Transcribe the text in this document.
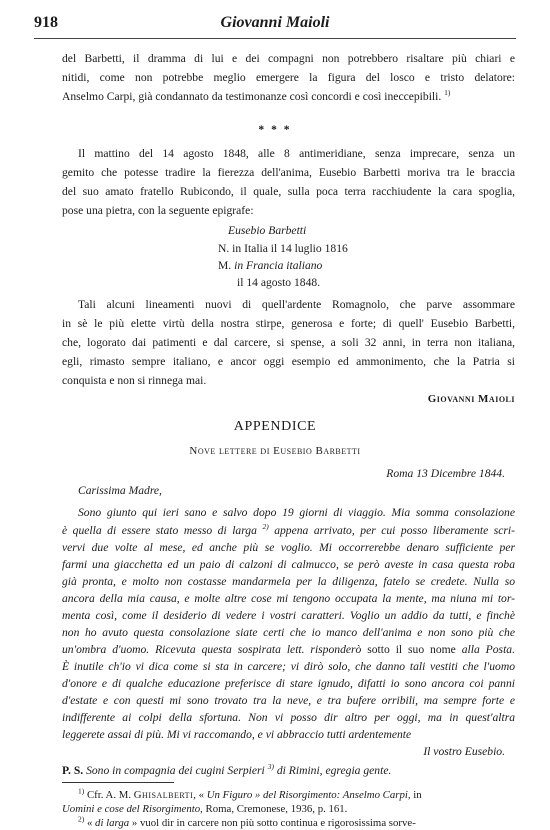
918	Giovanni Maioli
del Barbetti, il dramma di lui e dei compagni non potrebbero risaltare più chiari e
nitidi, come non potrebbe meglio emergere la figura del losco e tristo delatore:
Anselmo Carpi, già condannato da testimonanze così concordi e così ineccepibili. $^{1)}$
* * *
Il mattino del 14 agosto 1848, alle 8 antimeridiane, senza imprecare, senza un
gemito che potesse tradire la fierezza dell'anima, Eusebio Barbetti moriva tra le braccia
del suo amato fratello Rubicondo, il quale, sulla poca terra racchiudente la cara spoglia,
pose una pietra, con la seguente epigrafe:
Eusebio Barbetti
N. in Italia il 14 luglio 1816
M. in Francia italiano
il 14 agosto 1848.
Tali alcuni lineamenti nuovi di quell'ardente Romagnolo, che parve assommare
in sè le più elette virtù della nostra stirpe, generosa e forte; di quell' Eusebio Barbetti,
che, logorato dai patimenti e dal carcere, si spense, a soli 32 anni, in terra non italiana,
egli, rimasto sempre italiano, e ancor oggi esempio ed ammonimento, che la Patria si
conquista e non si rinnega mai.
Giovanni Maioli
APPENDICE
Nove lettere di Eusebio Barbetti
Roma 13 Dicembre 1844.
Carissima Madre,
Sono giunto qui ieri sano e salvo dopo 19 giorni di viaggio. Mia somma consolazione
è quella di essere stato messo di larga $^{2)}$ appena arrivato, per cui posso liberamente scri-
vervi due volte al mese, ed anche più se voglio. Mi occorrerebbe denaro sufficiente per
farmi una giacchetta ed un paio di calzoni di calmucco, se però aveste in casa questa roba
già pronta, e molto non costasse mandarmela per la diligenza, fatelo se credete. Nulla so
ancora della mia causa, e molte altre cose mi tengono occupata la mente, ma niuna mi tor-
menta così, come il desiderio di vedere i vostri caratteri. Voglio un addio da tutti, e finchè
non ho avuto questa consolazione siate certi che io manco dell'anima e non sono più che
un'ombra d'uomo. Ricevuta questa sospirata lett. risponderò sotto il suo nome alla Posta.
È inutile ch'io vi dica come si sta in carcere; vi dirò solo, che danno tali vestiti che l'uomo
d'onore e di qualche educazione preferisce di stare ignudo, difatti io sono ancora coi panni
d'estate e con questi mi sono trovato tra la neve, e tra bufere orribili, ma sempre forte e
indifferente ai colpi della sfortuna. Non vi posso dir altro per oggi, ma in quest'altra
leggerete assai di più. Mi vi raccomando, e vi abbraccio tutti ardentemente
Il vostro Eusebio.
P. S. Sono in compagnia dei cugini Serpieri $^{3)}$ di Rimini, egregia gente.
$^{1)}$ Cfr. A. M. Ghisalberti, « Un Figuro » del Risorgimento: Anselmo Carpi, in
Uomini e cose del Risorgimento, Roma, Cremonese, 1936, p. 161.
$^{2)}$ « di larga » vuol dir in carcere non più sotto continua e rigorosissima sorve-
